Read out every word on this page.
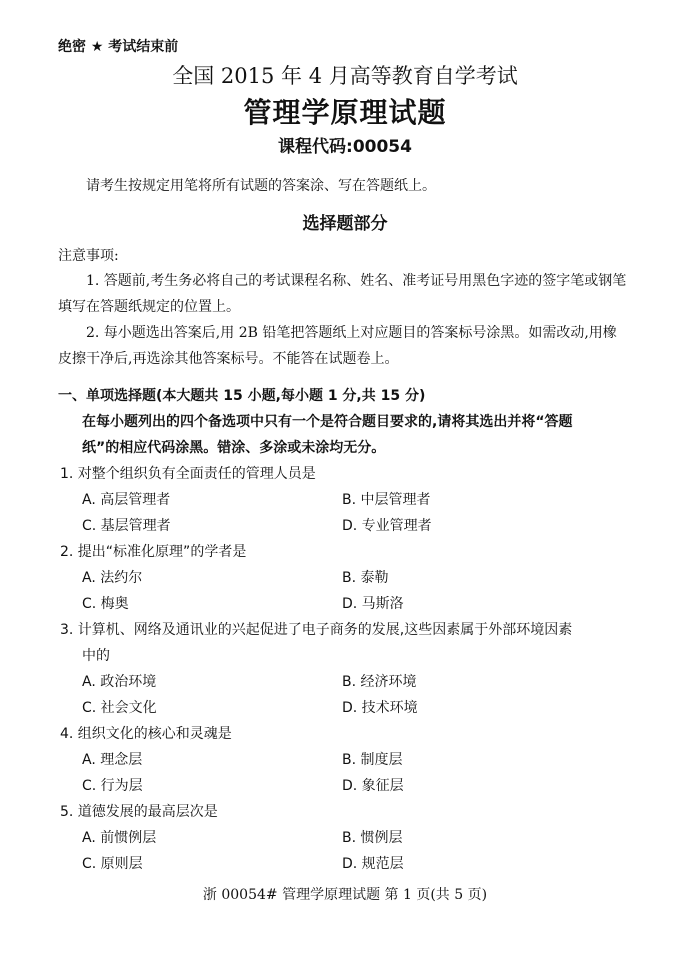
绝密 ★ 考试结束前
全国 2015 年 4 月高等教育自学考试
管理学原理试题
课程代码:00054
请考生按规定用笔将所有试题的答案涂、写在答题纸上。
选择题部分
注意事项:
1. 答题前,考生务必将自己的考试课程名称、姓名、准考证号用黑色字迹的签字笔或钢笔
填写在答题纸规定的位置上。
2. 每小题选出答案后,用 2B 铅笔把答题纸上对应题目的答案标号涂黑。如需改动,用橡
皮擦干净后,再选涂其他答案标号。不能答在试题卷上。
一、单项选择题(本大题共 15 小题,每小题 1 分,共 15 分)
在每小题列出的四个备选项中只有一个是符合题目要求的,请将其选出并将“答题
纸”的相应代码涂黑。错涂、多涂或未涂均无分。
1. 对整个组织负有全面责任的管理人员是
A. 高层管理者	B. 中层管理者
C. 基层管理者	D. 专业管理者
2. 提出“标准化原理”的学者是
A. 法约尔	B. 泰勒
C. 梅奥	D. 马斯洛
3. 计算机、网络及通讯业的兴起促进了电子商务的发展,这些因素属于外部环境因素
中的
A. 政治环境	B. 经济环境
C. 社会文化	D. 技术环境
4. 组织文化的核心和灵魂是
A. 理念层	B. 制度层
C. 行为层	D. 象征层
5. 道德发展的最高层次是
A. 前惯例层	B. 惯例层
C. 原则层	D. 规范层
浙 00054# 管理学原理试题 第 1 页(共 5 页)
